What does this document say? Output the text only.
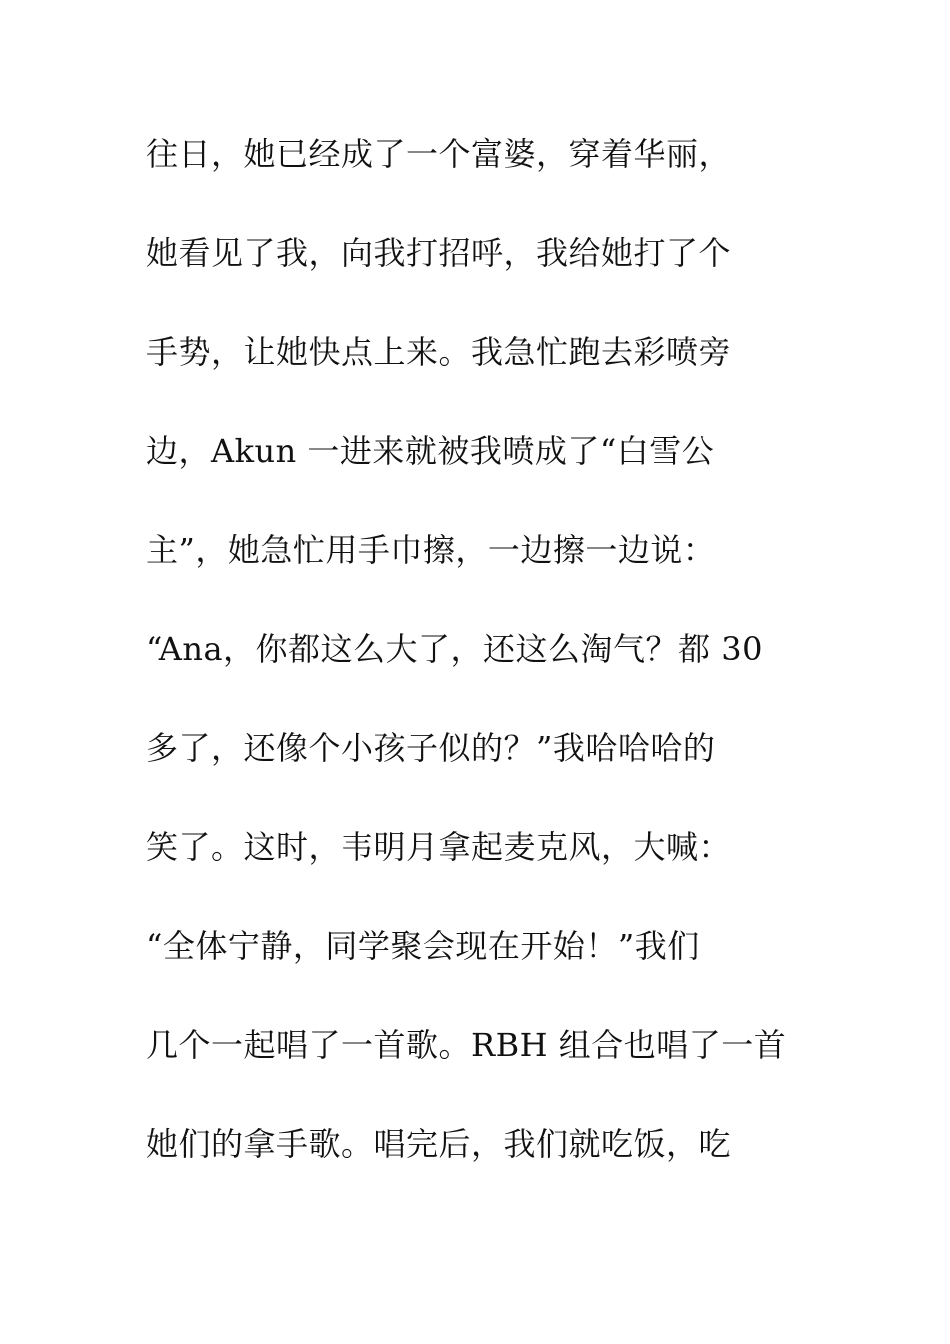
往日，她已经成了一个富婆，穿着华丽，
她看见了我，向我打招呼，我给她打了个
手势，让她快点上来。我急忙跑去彩喷旁
边，Akun 一进来就被我喷成了“白雪公
主”，她急忙用手巾擦，一边擦一边说：
“Ana，你都这么大了，还这么淘气？都 30
多了，还像个小孩子似的？”我哈哈哈的
笑了。这时，韦明月拿起麦克风，大喊：
“全体宁静，同学聚会现在开始！”我们
几个一起唱了一首歌。RBH 组合也唱了一首
她们的拿手歌。唱完后，我们就吃饭，吃
